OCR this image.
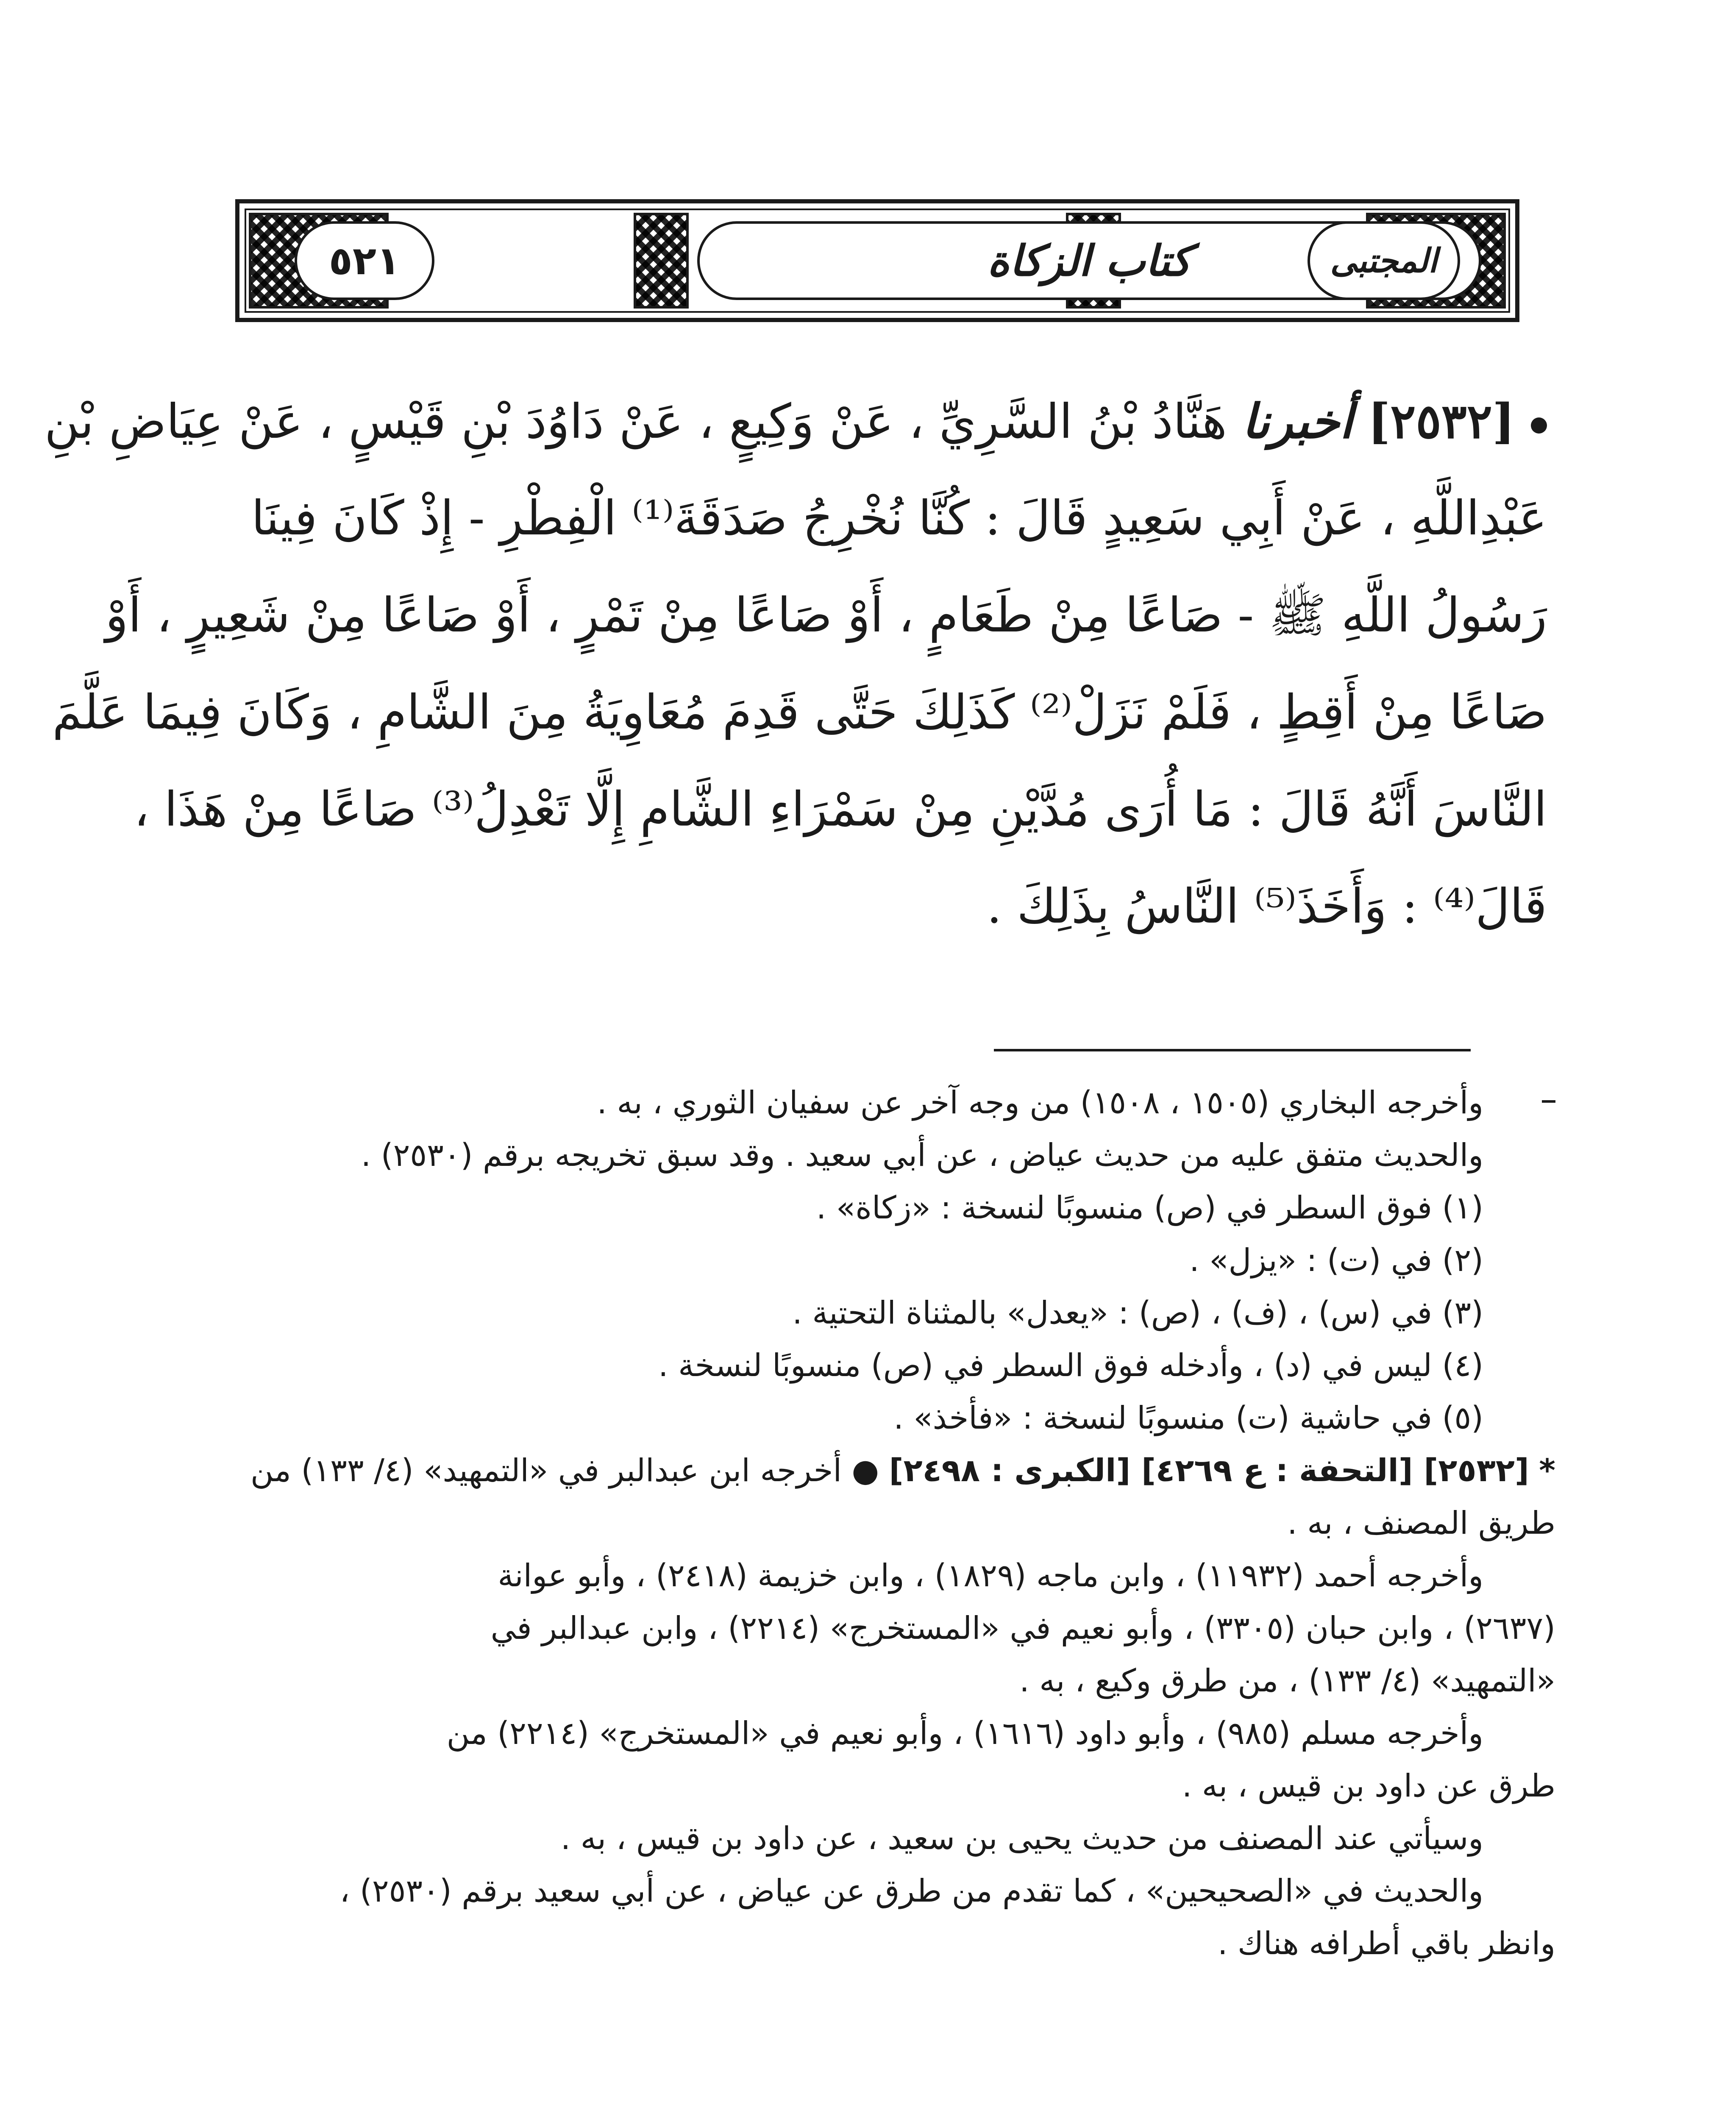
٥٢١	كتاب الزكاة	المجتبى
[٢٥٣٢] أخبرنا هَنَّادُ بْنُ السَّرِيِّ ، عَنْ وَكِيعٍ ، عَنْ دَاوُدَ بْنِ قَيْسٍ ، عَنْ عِيَاضِ بْنِ
عَبْدِاللَّهِ ، عَنْ أَبِي سَعِيدٍ قَالَ : كُنَّا نُخْرِجُ صَدَقَةَ⁽¹⁾ الْفِطْرِ - إِذْ كَانَ فِينَا
رَسُولُ اللَّهِ ﷺ - صَاعًا مِنْ طَعَامٍ ، أَوْ صَاعًا مِنْ تَمْرٍ ، أَوْ صَاعًا مِنْ شَعِيرٍ ، أَوْ
صَاعًا مِنْ أَقِطٍ ، فَلَمْ نَزَلْ⁽²⁾ كَذَلِكَ حَتَّى قَدِمَ مُعَاوِيَةُ مِنَ الشَّامِ ، وَكَانَ فِيمَا عَلَّمَ
النَّاسَ أَنَّهُ قَالَ : مَا أُرَى مُدَّيْنِ مِنْ سَمْرَاءِ الشَّامِ إِلَّا تَعْدِلُ⁽³⁾ صَاعًا مِنْ هَذَا ،
قَالَ⁽⁴⁾ : وَأَخَذَ⁽⁵⁾ النَّاسُ بِذَلِكَ .
وأخرجه البخاري (١٥٠٥ ، ١٥٠٨) من وجه آخر عن سفيان الثوري ، به .
والحديث متفق عليه من حديث عياض ، عن أبي سعيد . وقد سبق تخريجه برقم (٢٥٣٠) .
(١) فوق السطر في (ص) منسوبًا لنسخة : «زكاة» .
(٢) في (ت) : «يزل» .
(٣) في (س) ، (ف) ، (ص) : «يعدل» بالمثناة التحتية .
(٤) ليس في (د) ، وأدخله فوق السطر في (ص) منسوبًا لنسخة .
(٥) في حاشية (ت) منسوبًا لنسخة : «فأخذ» .
* [٢٥٣٢] [التحفة : ع ٤٢٦٩] [الكبرى : ٢٤٩٨] ● أخرجه ابن عبدالبر في «التمهيد» (٤/ ١٣٣) من
طريق المصنف ، به .
وأخرجه أحمد (١١٩٣٢) ، وابن ماجه (١٨٢٩) ، وابن خزيمة (٢٤١٨) ، وأبو عوانة
(٢٦٣٧) ، وابن حبان (٣٣٠٥) ، وأبو نعيم في «المستخرج» (٢٢١٤) ، وابن عبدالبر في
«التمهيد» (٤/ ١٣٣) ، من طرق وكيع ، به .
وأخرجه مسلم (٩٨٥) ، وأبو داود (١٦١٦) ، وأبو نعيم في «المستخرج» (٢٢١٤) من
طرق عن داود بن قيس ، به .
وسيأتي عند المصنف من حديث يحيى بن سعيد ، عن داود بن قيس ، به .
والحديث في «الصحيحين» ، كما تقدم من طرق عن عياض ، عن أبي سعيد برقم (٢٥٣٠) ،
وانظر باقي أطرافه هناك .
